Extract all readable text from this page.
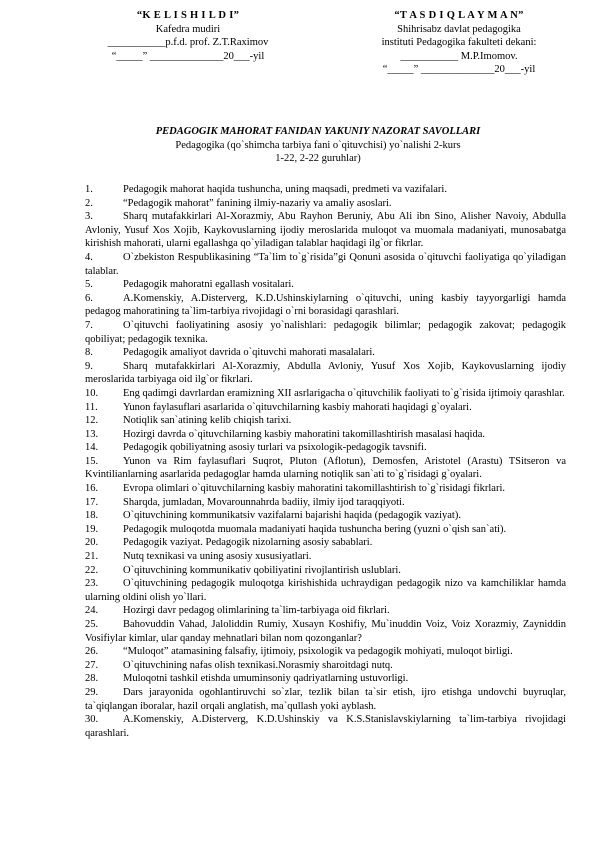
“K E L I S H I L D I”
Kafedra mudiri
___________p.f.d. prof. Z.T.Raximov
“_____” ______________20___-yil
“T A S D I Q L A Y M A N”
Shihrisabz davlat pedagogika
instituti Pedagogika fakulteti dekani:
___________ M.P.Imomov.
“_____” ______________20___-yil
PEDAGOGIK MAHORAT FANIDAN YAKUNIY NAZORAT SAVOLLARI
Pedagogika (qo`shimcha tarbiya fani o`qituvchisi) yo`nalishi 2-kurs
1-22, 2-22 guruhlar)
1.	Pedagogik mahorat haqida tushuncha, uning maqsadi, predmeti va vazifalari.
2.	“Pedagogik mahorat” fanining ilmiy-nazariy va amaliy asoslari.
3.	Sharq mutafakkirlari Al-Xorazmiy, Abu Rayhon Beruniy, Abu Ali ibn Sino, Alisher Navoiy, Abdulla Avloniy, Yusuf Xos Xojib, Kaykovuslarning ijodiy meroslarida muloqot va muomala madaniyati, munosabatga kirishish mahorati, ularni egallashga qo`yiladigan talablar haqidagi ilg`or fikrlar.
4.	O`zbekiston Respublikasining “Ta`lim to`g`risida”gi Qonuni asosida o`qituvchi faoliyatiga qo`yiladigan talablar.
5.	Pedagogik mahoratni egallash vositalari.
6.	A.Komenskiy, A.Disterverg, K.D.Ushinskiylarning o`qituvchi, uning kasbiy tayyorgarligi hamda pedagog mahoratining ta`lim-tarbiya rivojidagi o`rni borasidagi qarashlari.
7.	O`qituvchi faoliyatining asosiy yo`nalishlari: pedagogik bilimlar; pedagogik zakovat; pedagogik qobiliyat; pedagogik texnika.
8.	Pedagogik amaliyot davrida o`qituvchi mahorati masalalari.
9.	Sharq mutafakkirlari Al-Xorazmiy, Abdulla Avloniy, Yusuf Xos Xojib, Kaykovuslarning ijodiy meroslarida tarbiyaga oid ilg`or fikrlari.
10. Eng qadimgi davrlardan eramizning XII asrlarigacha o`qituvchilik faoliyati to`g`risida ijtimoiy qarashlar.
11. Yunon faylasuflari asarlarida o`qituvchilarning kasbiy mahorati haqidagi g`oyalari.
12. Notiqlik san`atining kelib chiqish tarixi.
13. Hozirgi davrda o`qituvchilarning kasbiy mahoratini takomillashtirish masalasi haqida.
14. Pedagogik qobiliyatning asosiy turlari va psixologik-pedagogik tavsnifi.
15. Yunon va Rim faylasuflari Suqrot, Pluton (Aflotun), Demosfen, Aristotel (Arastu) TSitseron va Kvintilianlarning asarlarida pedagoglar hamda ularning notiqlik san`ati to`g`risidagi g`oyalari.
16. Evropa olimlari o`qituvchilarning kasbiy mahoratini takomillashtirish to`g`risidagi fikrlari.
17. Sharqda, jumladan, Movarounnahrda badiiy, ilmiy ijod taraqqiyoti.
18. O`qituvchining kommunikatsiv vazifalarni bajarishi haqida (pedagogik vaziyat).
19. Pedagogik muloqotda muomala madaniyati haqida tushuncha bering (yuzni o`qish san`ati).
20. Pedagogik vaziyat. Pedagogik nizolarning asosiy sabablari.
21. Nutq texnikasi va uning asosiy xususiyatlari.
22. O`qituvchining kommunikativ qobiliyatini rivojlantirish uslublari.
23. O`qituvchining pedagogik muloqotga kirishishida uchraydigan pedagogik nizo va kamchiliklar hamda ularning oldini olish yo`llari.
24. Hozirgi davr pedagog olimlarining ta`lim-tarbiyaga oid fikrlari.
25. Bahovuddin Vahad, Jaloliddin Rumiy, Xusayn Koshifiy, Mu`inuddin Voiz, Voiz Xorazmiy, Zayniddin Vosifiylar kimlar, ular qanday mehnatlari bilan nom qozonganlar?
26. “Muloqot” atamasining falsafiy, ijtimoiy, psixologik va pedagogik mohiyati, muloqot birligi.
27. O`qituvchining nafas olish texnikasi.Norasmiy sharoitdagi nutq.
28. Muloqotni tashkil etishda umuminsoniy qadriyatlarning ustuvorligi.
29. Dars jarayonida ogohlantiruvchi so`zlar, tezlik bilan ta`sir etish, ijro etishga undovchi buyruqlar, ta`qiqlangan iboralar, hazil orqali anglatish, ma`qullash yoki ayblash.
30. A.Komenskiy, A.Disterverg, K.D.Ushinskiy va K.S.Stanislavskiylarning ta`lim-tarbiya rivojidagi qarashlari.
